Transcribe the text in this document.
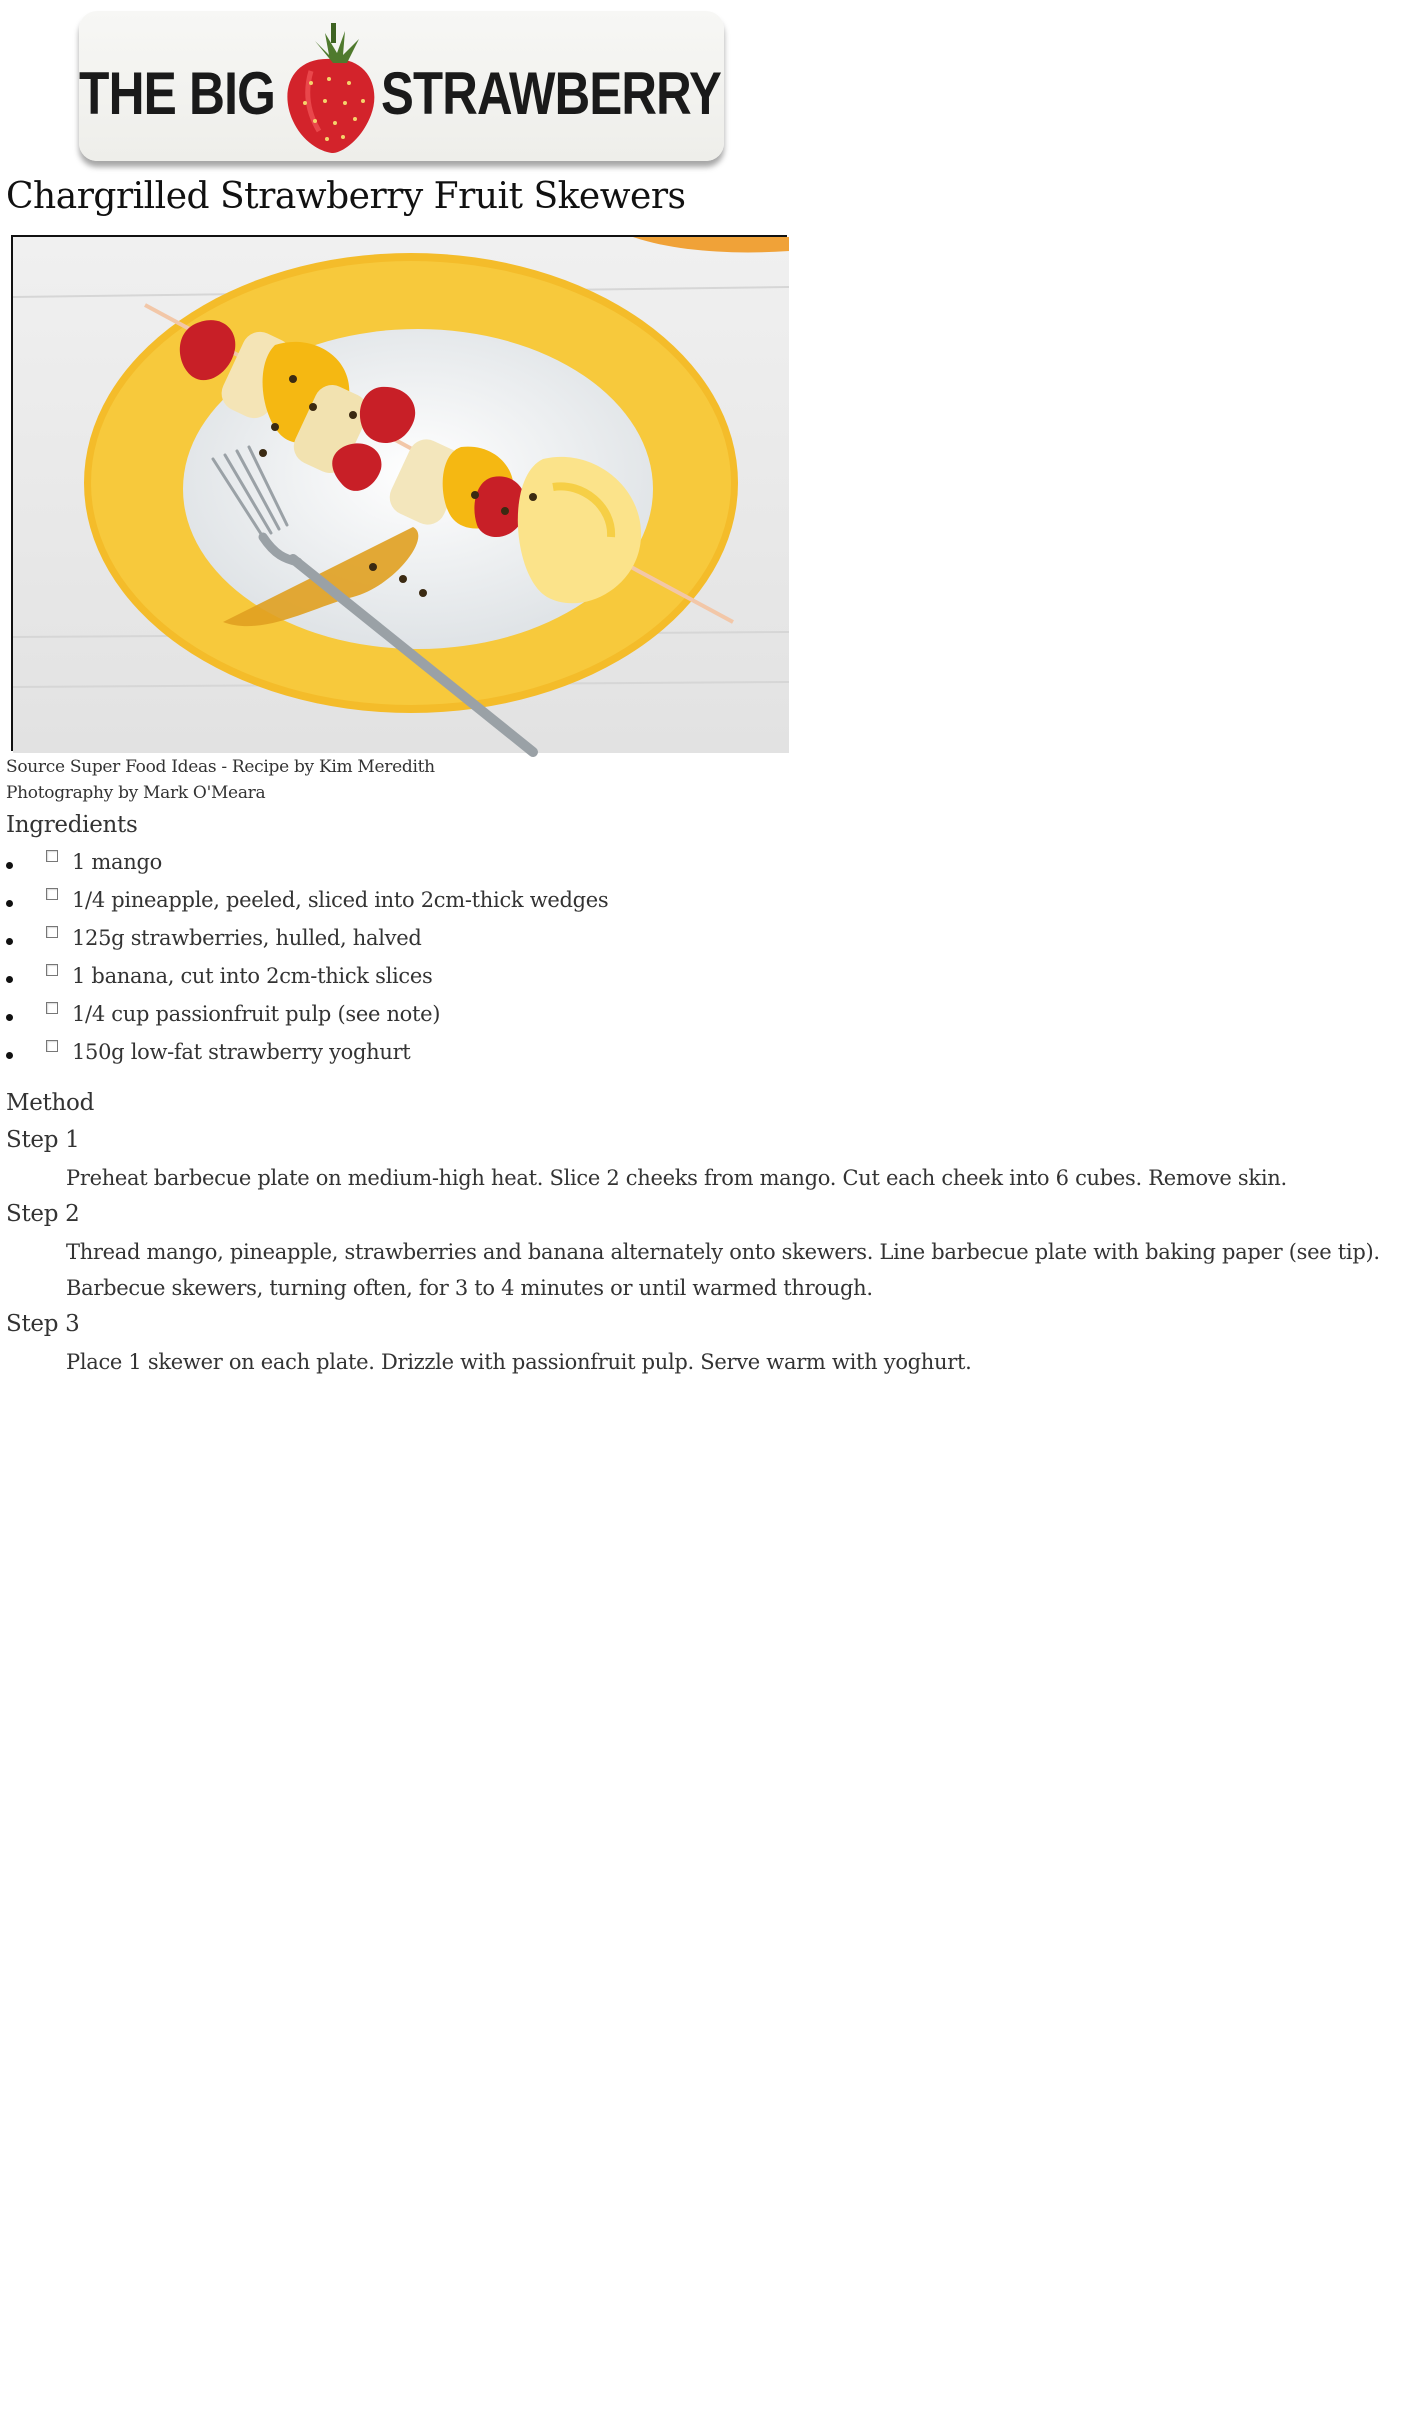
THE BIG STRAWBERRY
Chargrilled Strawberry Fruit Skewers
Source Super Food Ideas - Recipe by Kim Meredith
Photography by Mark O'Meara
Ingredients
1 mango
1/4 pineapple, peeled, sliced into 2cm-thick wedges
125g strawberries, hulled, halved
1 banana, cut into 2cm-thick slices
1/4 cup passionfruit pulp (see note)
150g low-fat strawberry yoghurt
Method
Step 1
Preheat barbecue plate on medium-high heat. Slice 2 cheeks from mango. Cut each cheek into 6 cubes. Remove skin.
Step 2
Thread mango, pineapple, strawberries and banana alternately onto skewers. Line barbecue plate with baking paper (see tip). Barbecue skewers, turning often, for 3 to 4 minutes or until warmed through.
Step 3
Place 1 skewer on each plate. Drizzle with passionfruit pulp. Serve warm with yoghurt.
